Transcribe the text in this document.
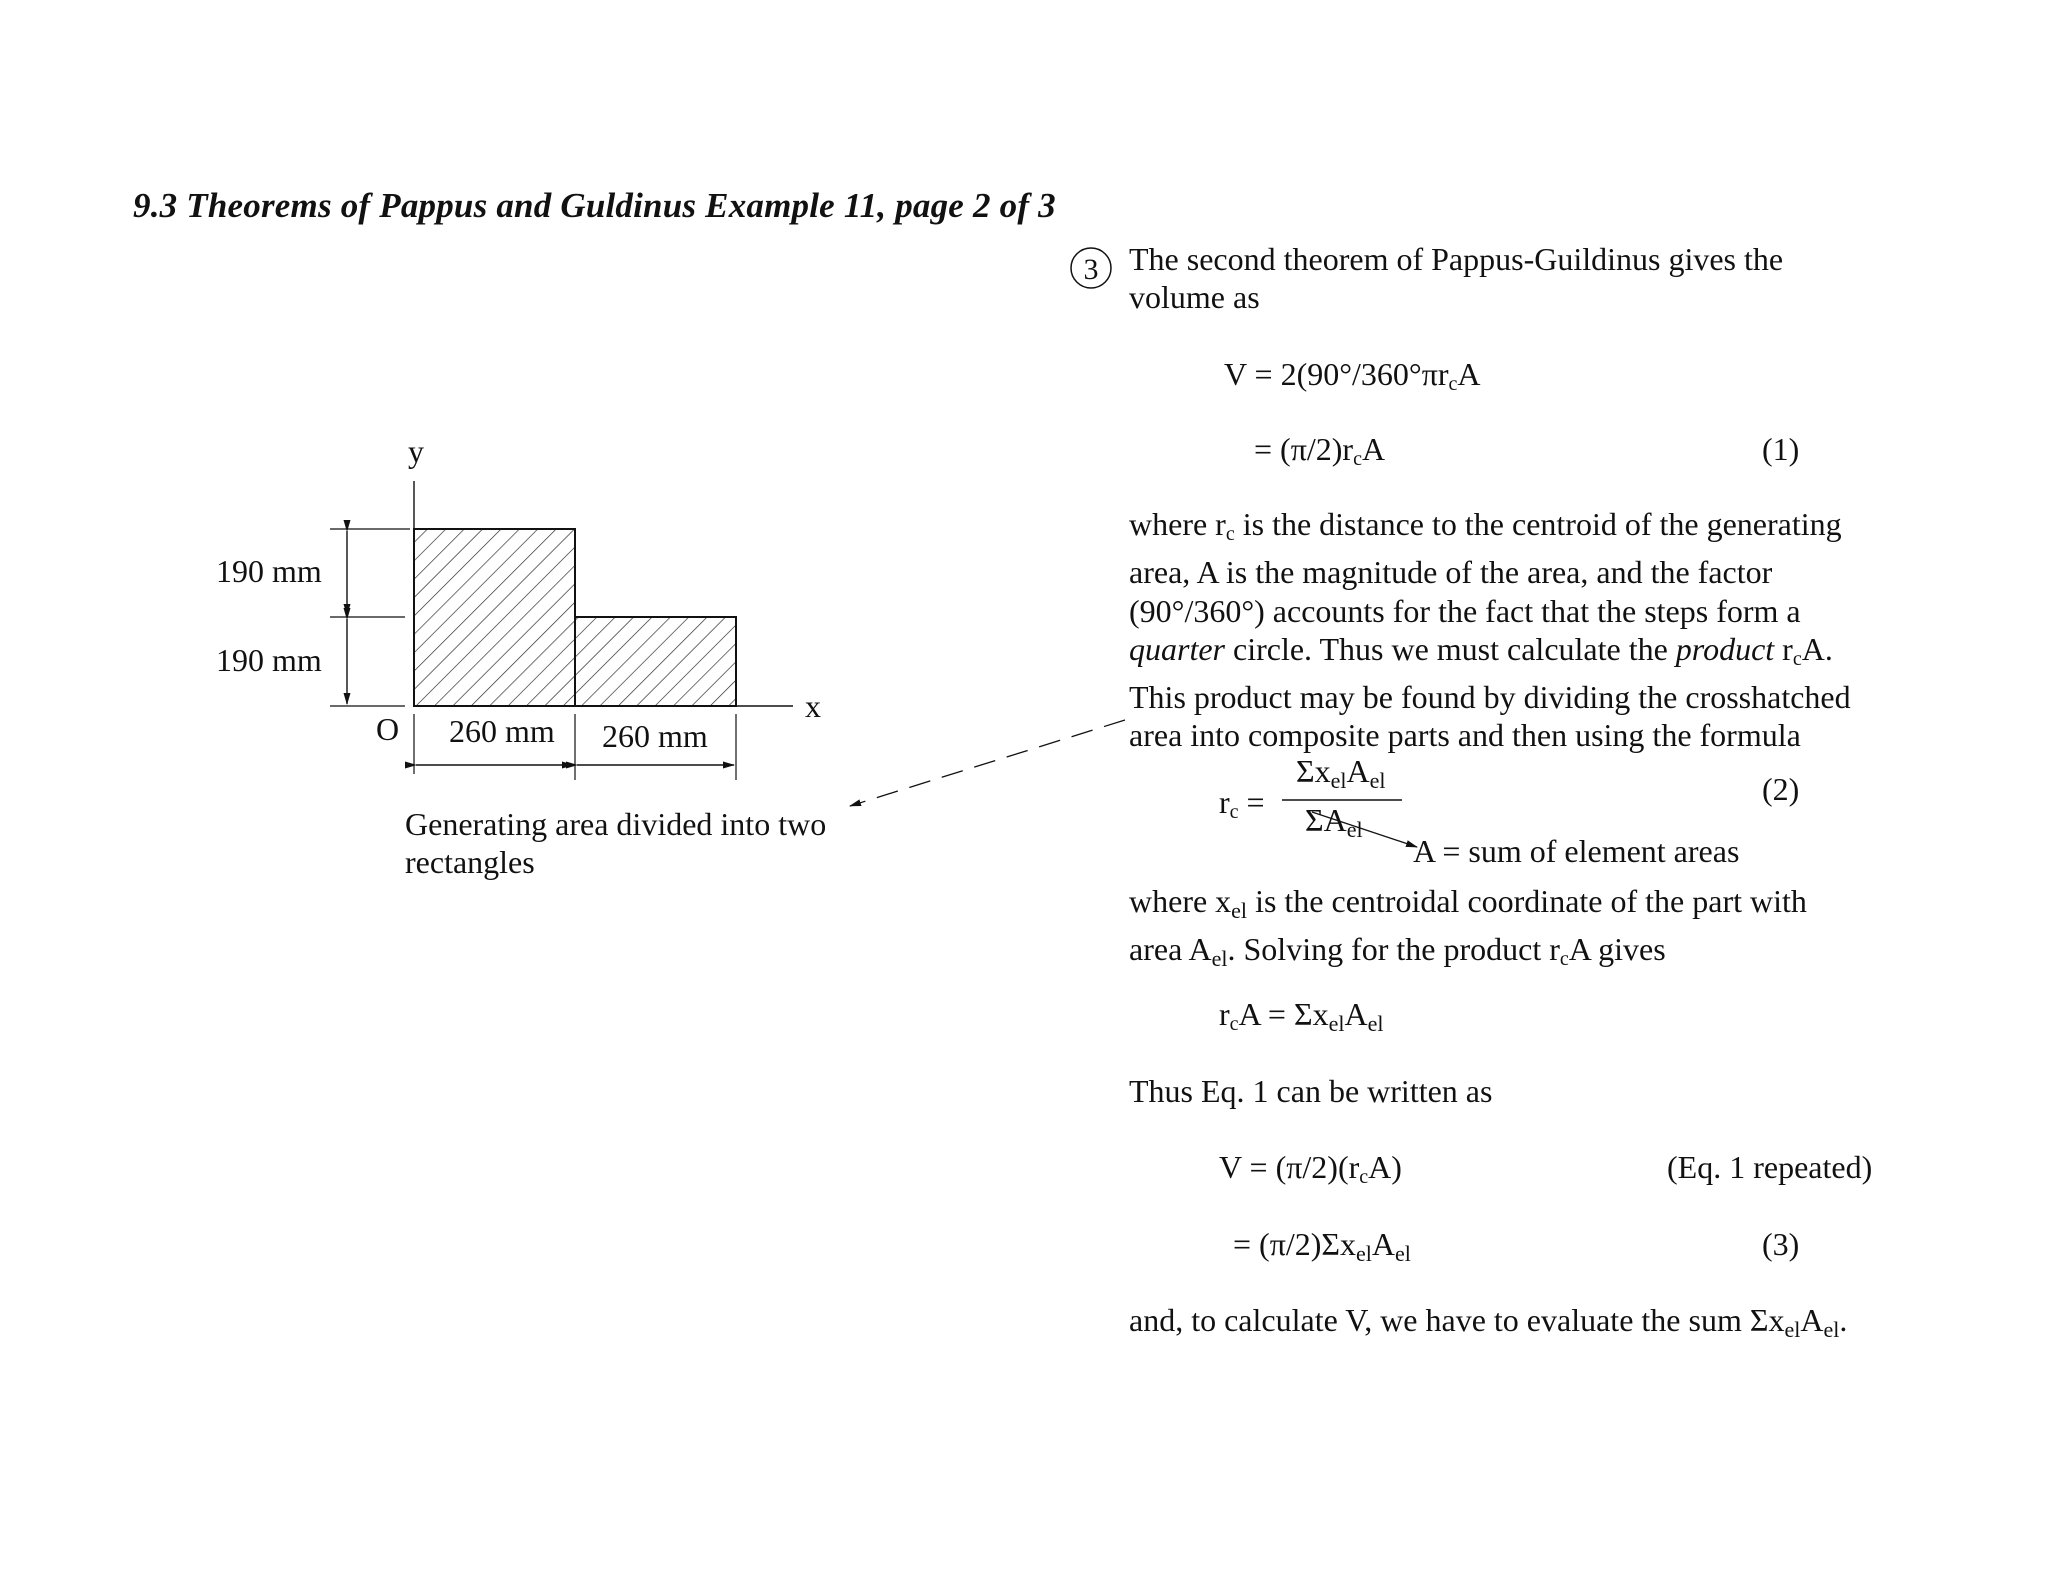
9.3 Theorems of Pappus and Guldinus Example 11, page 2 of 3
3
y
x
O
190 mm
190 mm
260 mm 260 mm
Generating area divided into two
rectangles
The second theorem of Pappus-Guildinus gives the
volume as
V = 2(90°/360°πrcA
= (π/2)rcA	(1)
where rc is the distance to the centroid of the generating
area, A is the magnitude of the area, and the factor
(90°/360°) accounts for the fact that the steps form a
quarter circle. Thus we must calculate the product rcA.
This product may be found by dividing the crosshatched
area into composite parts and then using the formula
rc =
$\Sigma x_{el}A_{el}$
$\Sigma A_{el}$
(2)
A = sum of element areas
where $x_{el}$ is the centroidal coordinate of the part with
area $A_{el}$. Solving for the product rcA gives
rcA = $\Sigma x_{el}A_{el}$
Thus Eq. 1 can be written as
V = (π/2)(rcA)	(Eq. 1 repeated)
= $(\pi/2)\Sigma x_{el}A_{el}$	(3)
and, to calculate V, we have to evaluate the sum $\Sigma x_{el}A_{el}$.
